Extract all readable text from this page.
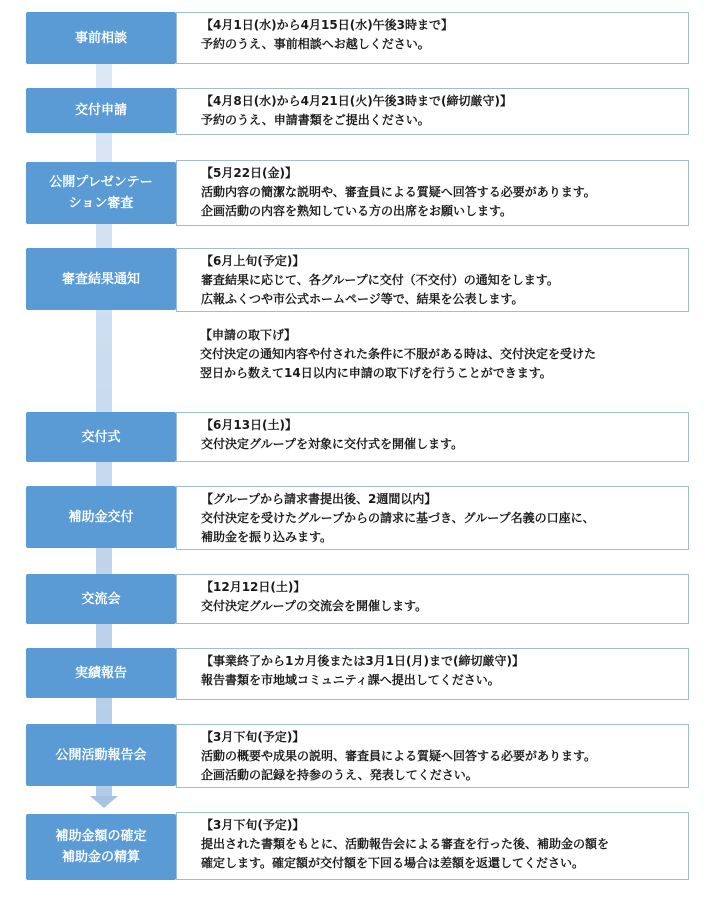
事前相談

【4月1日(水)から4月15日(水)午後3時まで】

予約のうえ、事前相談へお越しください。

交付申請

【4月8日(水)から4月21日(火)午後3時まで(締切厳守)】

予約のうえ、申請書類をご提出ください。

公開プレゼンテー
ション審査

【5月22日(金)】

活動内容の簡潔な説明や、審査員による質疑へ回答する必要があります。

企画活動の内容を熟知している方の出席をお願いします。

審査結果通知

【6月上旬(予定)】

審査結果に応じて、各グループに交付（不交付）の通知をします。

広報ふくつや市公式ホームページ等で、結果を公表します。

【申請の取下げ】

交付決定の通知内容や付された条件に不服がある時は、交付決定を受けた

翌日から数えて14日以内に申請の取下げを行うことができます。

交付式

【6月13日(土)】

交付決定グループを対象に交付式を開催します。

補助金交付

【グループから請求書提出後、2週間以内】

交付決定を受けたグループからの請求に基づき、グループ名義の口座に、

補助金を振り込みます。

交流会

【12月12日(土)】

交付決定グループの交流会を開催します。

実績報告

【事業終了から1カ月後または3月1日(月)まで(締切厳守)】

報告書類を市地域コミュニティ課へ提出してください。

公開活動報告会

【3月下旬(予定)】

活動の概要や成果の説明、審査員による質疑へ回答する必要があります。

企画活動の記録を持参のうえ、発表してください。

補助金額の確定
補助金の精算

【3月下旬(予定)】

提出された書類をもとに、活動報告会による審査を行った後、補助金の額を

確定します。確定額が交付額を下回る場合は差額を返還してください。
